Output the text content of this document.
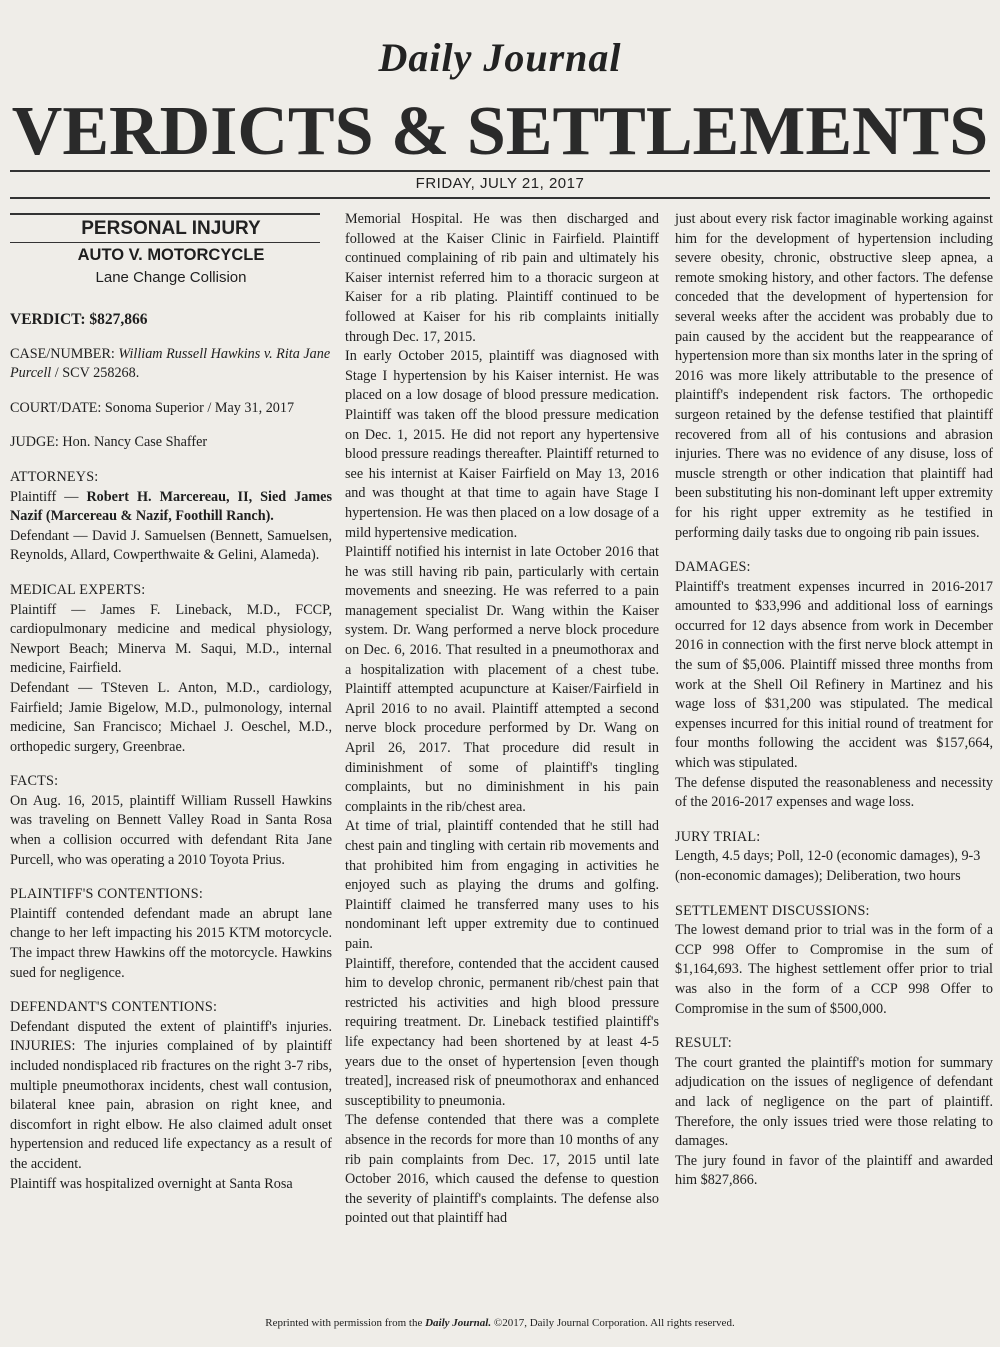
Daily Journal
VERDICTS & SETTLEMENTS
FRIDAY, JULY 21, 2017
PERSONAL INJURY
AUTO V. MOTORCYCLE
Lane Change Collision
VERDICT: $827,866
CASE/NUMBER: William Russell Hawkins v. Rita Jane Purcell / SCV 258268.
COURT/DATE: Sonoma Superior / May 31, 2017
JUDGE: Hon. Nancy Case Shaffer
ATTORNEYS:
Plaintiff — Robert H. Marcereau, II, Sied James Nazif (Marcereau & Nazif, Foothill Ranch).
Defendant — David J. Samuelsen (Bennett, Samuelsen, Reynolds, Allard, Cowperthwaite & Gelini, Alameda).
MEDICAL EXPERTS:
Plaintiff — James F. Lineback, M.D., FCCP, cardiopulmonary medicine and medical physiology, Newport Beach; Minerva M. Saqui, M.D., internal medicine, Fairfield.
Defendant — TSteven L. Anton, M.D., cardiology, Fairfield; Jamie Bigelow, M.D., pulmonology, internal medicine, San Francisco; Michael J. Oeschel, M.D., orthopedic surgery, Greenbrae.
FACTS:
On Aug. 16, 2015, plaintiff William Russell Hawkins was traveling on Bennett Valley Road in Santa Rosa when a collision occurred with defendant Rita Jane Purcell, who was operating a 2010 Toyota Prius.
PLAINTIFF'S CONTENTIONS:
Plaintiff contended defendant made an abrupt lane change to her left impacting his 2015 KTM motorcycle. The impact threw Hawkins off the motorcycle. Hawkins sued for negligence.
DEFENDANT'S CONTENTIONS:
Defendant disputed the extent of plaintiff's injuries. INJURIES: The injuries complained of by plaintiff included nondisplaced rib fractures on the right 3-7 ribs, multiple pneumothorax incidents, chest wall contusion, bilateral knee pain, abrasion on right knee, and discomfort in right elbow. He also claimed adult onset hypertension and reduced life expectancy as a result of the accident.
Plaintiff was hospitalized overnight at Santa Rosa
Memorial Hospital. He was then discharged and followed at the Kaiser Clinic in Fairfield. Plaintiff continued complaining of rib pain and ultimately his Kaiser internist referred him to a thoracic surgeon at Kaiser for a rib plating. Plaintiff continued to be followed at Kaiser for his rib complaints initially through Dec. 17, 2015.
In early October 2015, plaintiff was diagnosed with Stage I hypertension by his Kaiser internist. He was placed on a low dosage of blood pressure medication. Plaintiff was taken off the blood pressure medication on Dec. 1, 2015. He did not report any hypertensive blood pressure readings thereafter. Plaintiff returned to see his internist at Kaiser Fairfield on May 13, 2016 and was thought at that time to again have Stage I hypertension. He was then placed on a low dosage of a mild hypertensive medication.
Plaintiff notified his internist in late October 2016 that he was still having rib pain, particularly with certain movements and sneezing. He was referred to a pain management specialist Dr. Wang within the Kaiser system. Dr. Wang performed a nerve block procedure on Dec. 6, 2016. That resulted in a pneumothorax and a hospitalization with placement of a chest tube. Plaintiff attempted acupuncture at Kaiser/Fairfield in April 2016 to no avail. Plaintiff attempted a second nerve block procedure performed by Dr. Wang on April 26, 2017. That procedure did result in diminishment of some of plaintiff's tingling complaints, but no diminishment in his pain complaints in the rib/chest area.
At time of trial, plaintiff contended that he still had chest pain and tingling with certain rib movements and that prohibited him from engaging in activities he enjoyed such as playing the drums and golfing. Plaintiff claimed he transferred many uses to his nondominant left upper extremity due to continued pain.
Plaintiff, therefore, contended that the accident caused him to develop chronic, permanent rib/chest pain that restricted his activities and high blood pressure requiring treatment. Dr. Lineback testified plaintiff's life expectancy had been shortened by at least 4-5 years due to the onset of hypertension [even though treated], increased risk of pneumothorax and enhanced susceptibility to pneumonia.
The defense contended that there was a complete absence in the records for more than 10 months of any rib pain complaints from Dec. 17, 2015 until late October 2016, which caused the defense to question the severity of plaintiff's complaints. The defense also pointed out that plaintiff had
just about every risk factor imaginable working against him for the development of hypertension including severe obesity, chronic, obstructive sleep apnea, a remote smoking history, and other factors. The defense conceded that the development of hypertension for several weeks after the accident was probably due to pain caused by the accident but the reappearance of hypertension more than six months later in the spring of 2016 was more likely attributable to the presence of plaintiff's independent risk factors. The orthopedic surgeon retained by the defense testified that plaintiff recovered from all of his contusions and abrasion injuries. There was no evidence of any disuse, loss of muscle strength or other indication that plaintiff had been substituting his non-dominant left upper extremity for his right upper extremity as he testified in performing daily tasks due to ongoing rib pain issues.
DAMAGES:
Plaintiff's treatment expenses incurred in 2016-2017 amounted to $33,996 and additional loss of earnings occurred for 12 days absence from work in December 2016 in connection with the first nerve block attempt in the sum of $5,006. Plaintiff missed three months from work at the Shell Oil Refinery in Martinez and his wage loss of $31,200 was stipulated. The medical expenses incurred for this initial round of treatment for four months following the accident was $157,664, which was stipulated.
The defense disputed the reasonableness and necessity of the 2016-2017 expenses and wage loss.
JURY TRIAL:
Length, 4.5 days; Poll, 12-0 (economic damages), 9-3 (non-economic damages); Deliberation, two hours
SETTLEMENT DISCUSSIONS:
The lowest demand prior to trial was in the form of a CCP 998 Offer to Compromise in the sum of $1,164,693. The highest settlement offer prior to trial was also in the form of a CCP 998 Offer to Compromise in the sum of $500,000.
RESULT:
The court granted the plaintiff's motion for summary adjudication on the issues of negligence of defendant and lack of negligence on the part of plaintiff. Therefore, the only issues tried were those relating to damages.
The jury found in favor of the plaintiff and awarded him $827,866.
Reprinted with permission from the Daily Journal. ©2017, Daily Journal Corporation. All rights reserved.
